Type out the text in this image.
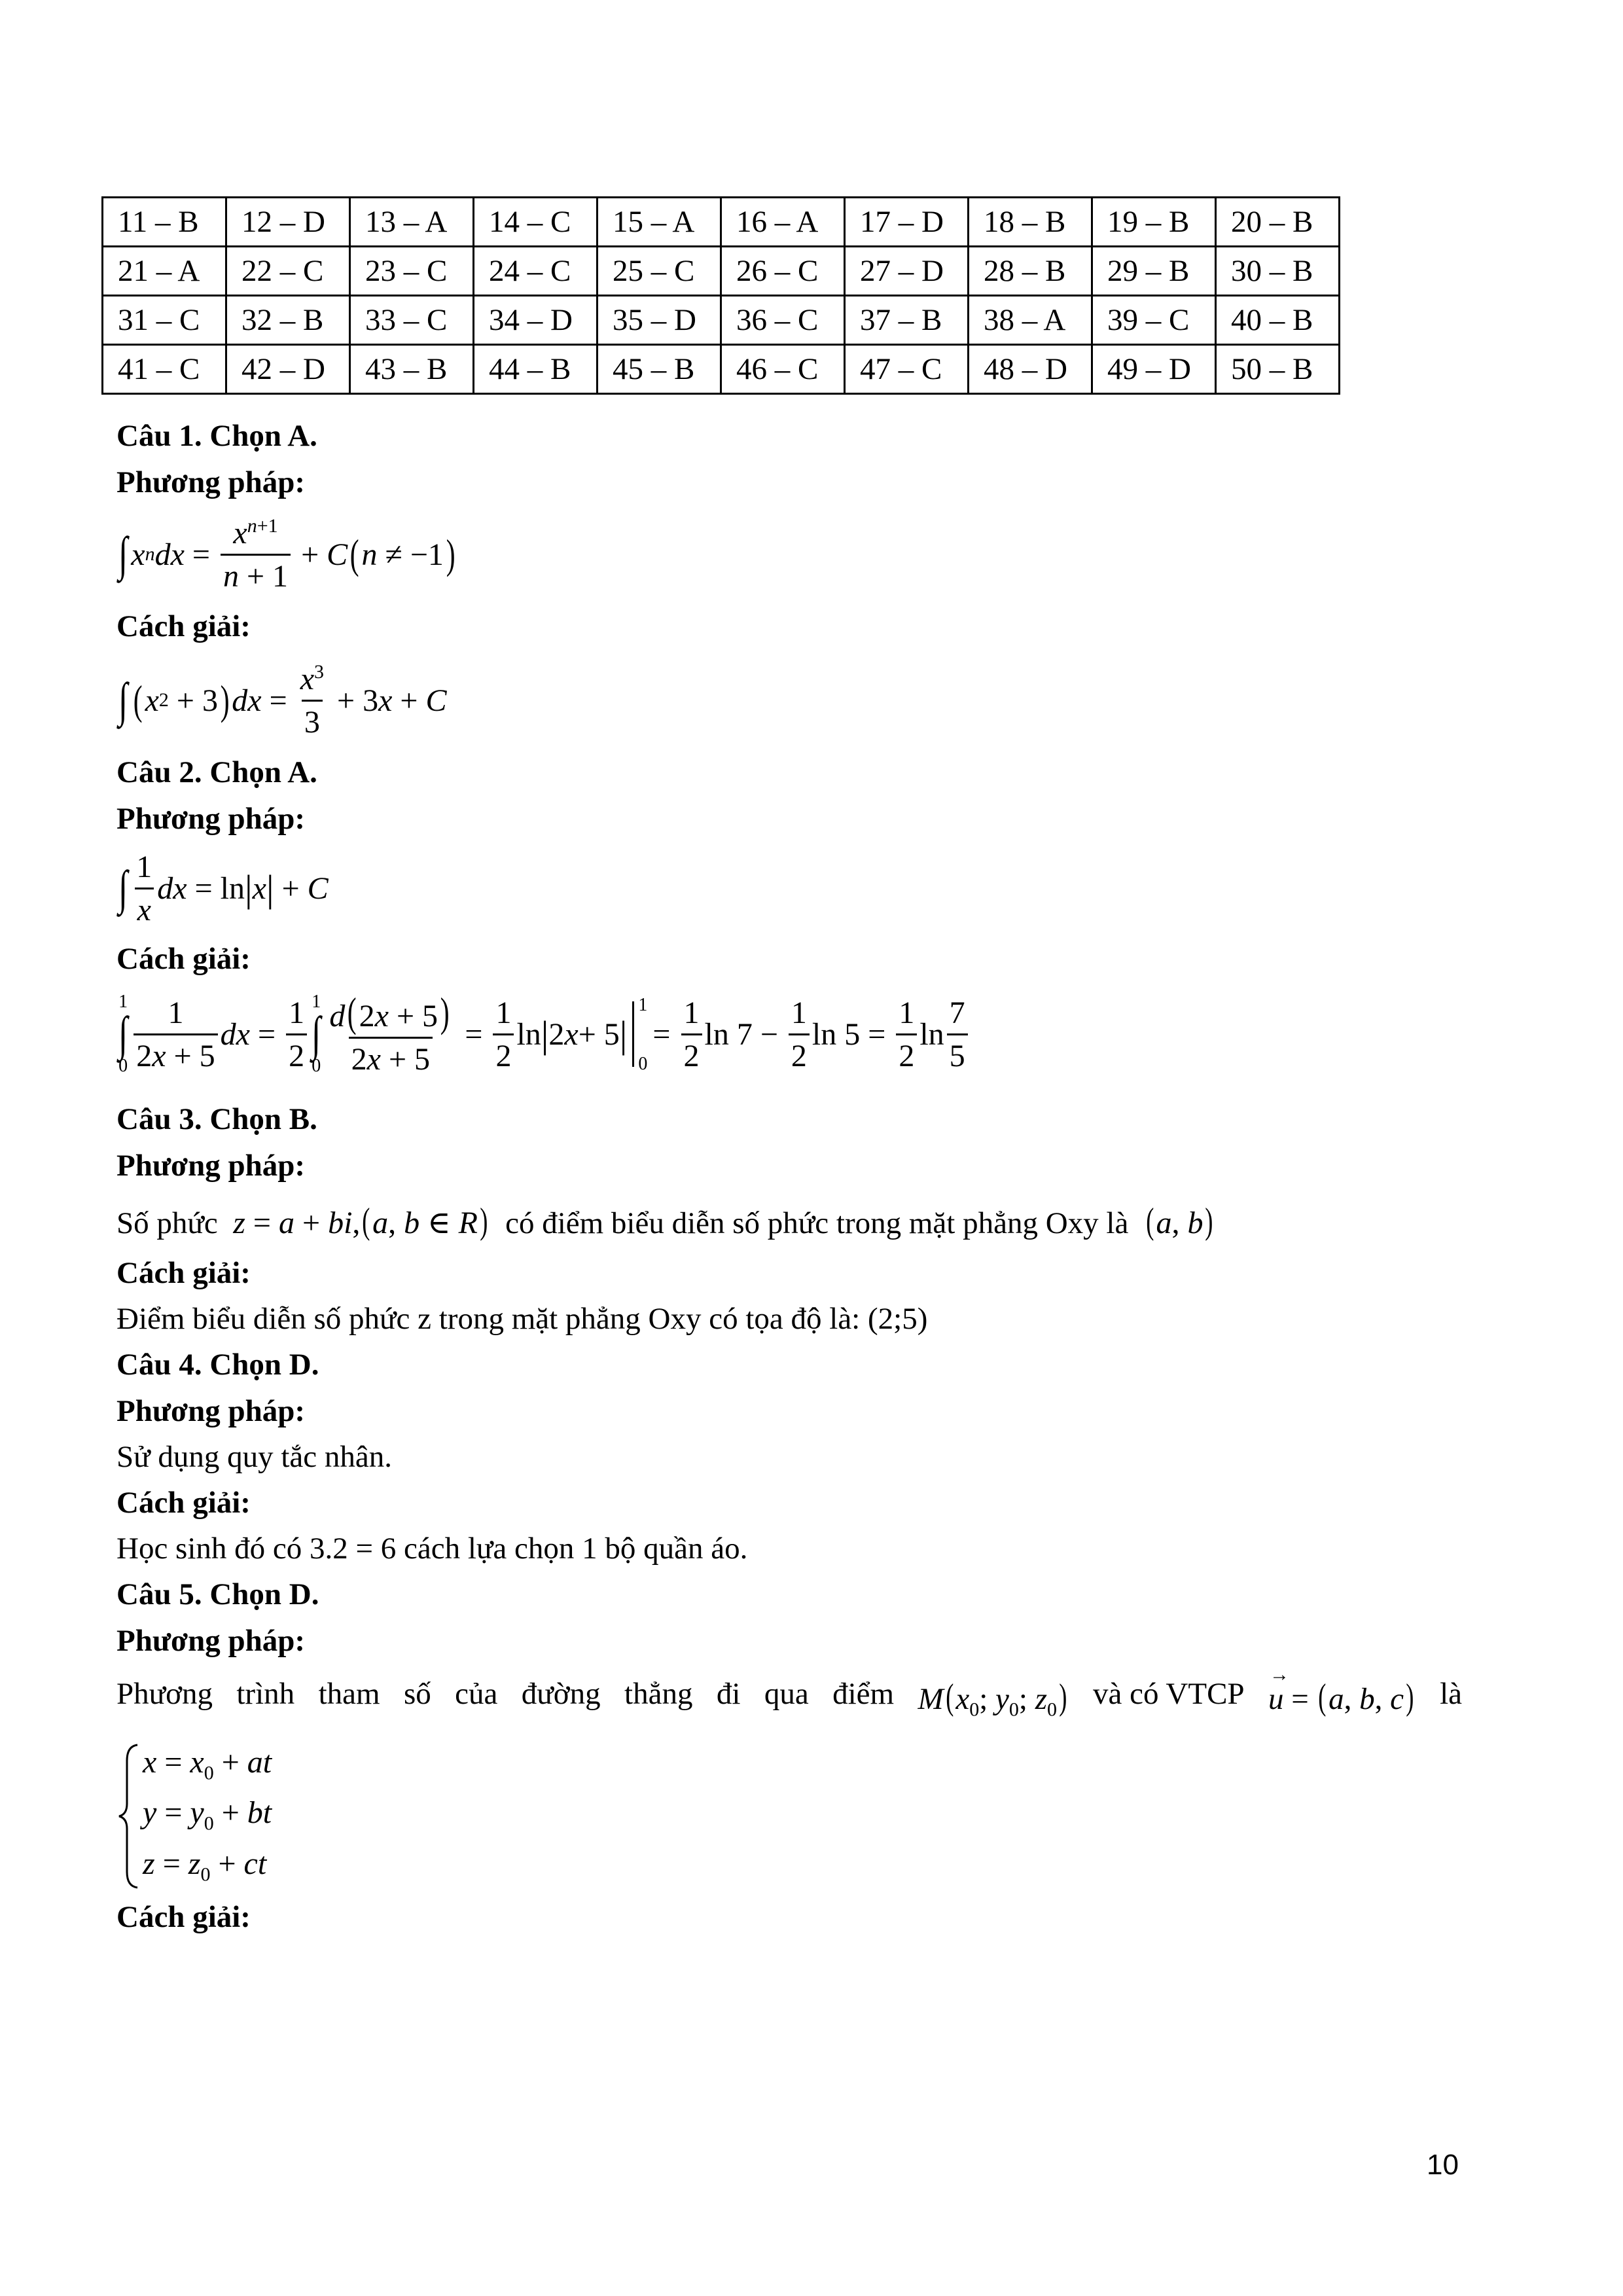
11 – B	12 – D	13 – A	14 – C	15 – A	16 – A	17 – D	18 – B	19 – B	20 – B
21 – A	22 – C	23 – C	24 – C	25 – C	26 – C	27 – D	28 – B	29 – B	30 – B
31 – C	32 – B	33 – C	34 – D	35 – D	36 – C	37 – B	38 – A	39 – C	40 – B
41 – C	42 – D	43 – B	44 – B	45 – B	46 – C	47 – C	48 – D	49 – D	50 – B
Câu 1. Chọn A.
Phương pháp:
∫ x n dx = $\frac{x^{n+1}}{n + 1} + C$ ( n ≠ −1 )
Cách giải:
∫ ( x 2 + 3 ) dx = $\frac{x^3}{3} + 3$ x + C
Câu 2. Chọn A.
Phương pháp:
∫ $\frac{1}{x}$ dx = ln | x | + C
Cách giải:
1
∫
$0 \frac{1}{2x + 5}$ dx = $\frac{1}{2} 1$
∫
$0 \frac{d(2x + 5)}{2x + 5} = \frac{1}{2}$ ln | 2 x + 5 |
1
0
= $\frac{1}{2}$ $\ln 7 - \frac{1}{2}$ $\ln 5 = \frac{1}{2}$ $\ln \frac{7}{5}$
Câu 3. Chọn B.
Phương pháp:
Số phức z = a + bi,(a, b ∈ R) có điểm biểu diễn số phức trong mặt phẳng Oxy là (a, b)
Cách giải:
Điểm biểu diễn số phức z trong mặt phẳng Oxy có tọa độ là: (2;5)
Câu 4. Chọn D.
Phương pháp:
Sử dụng quy tắc nhân.
Cách giải:
Học sinh đó có 3.2 = 6 cách lựa chọn 1 bộ quần áo.
Câu 5. Chọn D.
Phương pháp:
Phương trình tham số của đường thẳng đi qua điểm $M(x_0$; $y_0$; $z_0$) và có VTCP u
→
= (a, b, c) là
$x = x_0$ + at
$y = y_0$ + bt
$z = z_0$ + ct
Cách giải:
10
